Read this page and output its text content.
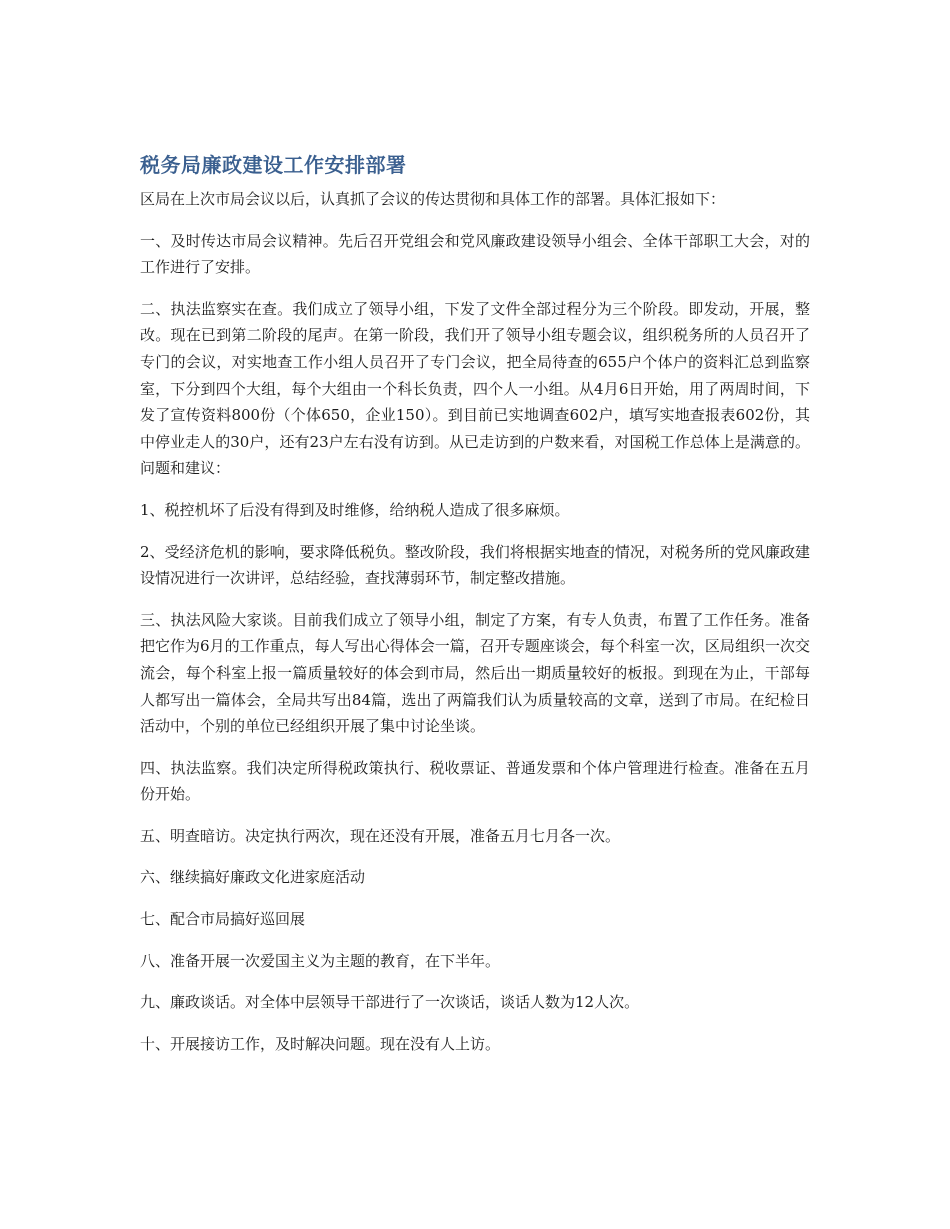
税务局廉政建设工作安排部署

区局在上次市局会议以后，认真抓了会议的传达贯彻和具体工作的部署。具体汇报如下：

一、及时传达市局会议精神。先后召开党组会和党风廉政建设领导小组会、全体干部职工大会，对的工作进行了安排。

二、执法监察实在查。我们成立了领导小组，下发了文件全部过程分为三个阶段。即发动，开展，整改。现在已到第二阶段的尾声。在第一阶段，我们开了领导小组专题会议，组织税务所的人员召开了专门的会议，对实地查工作小组人员召开了专门会议，把全局待查的655户个体户的资料汇总到监察室，下分到四个大组，每个大组由一个科长负责，四个人一小组。从4月6日开始，用了两周时间，下发了宣传资料800份（个体650，企业150）。到目前已实地调查602户，填写实地查报表602份，其中停业走人的30户，还有23户左右没有访到。从已走访到的户数来看，对国税工作总体上是满意的。问题和建议：

1、税控机坏了后没有得到及时维修，给纳税人造成了很多麻烦。

2、受经济危机的影响，要求降低税负。整改阶段，我们将根据实地查的情况，对税务所的党风廉政建设情况进行一次讲评，总结经验，查找薄弱环节，制定整改措施。

三、执法风险大家谈。目前我们成立了领导小组，制定了方案，有专人负责，布置了工作任务。准备把它作为6月的工作重点，每人写出心得体会一篇，召开专题座谈会，每个科室一次，区局组织一次交流会，每个科室上报一篇质量较好的体会到市局，然后出一期质量较好的板报。到现在为止，干部每人都写出一篇体会，全局共写出84篇，选出了两篇我们认为质量较高的文章，送到了市局。在纪检日活动中，个别的单位已经组织开展了集中讨论坐谈。

四、执法监察。我们决定所得税政策执行、税收票证、普通发票和个体户管理进行检查。准备在五月份开始。

五、明查暗访。决定执行两次，现在还没有开展，准备五月七月各一次。

六、继续搞好廉政文化进家庭活动

七、配合市局搞好巡回展

八、准备开展一次爱国主义为主题的教育，在下半年。

九、廉政谈话。对全体中层领导干部进行了一次谈话，谈话人数为12人次。

十、开展接访工作，及时解决问题。现在没有人上访。
